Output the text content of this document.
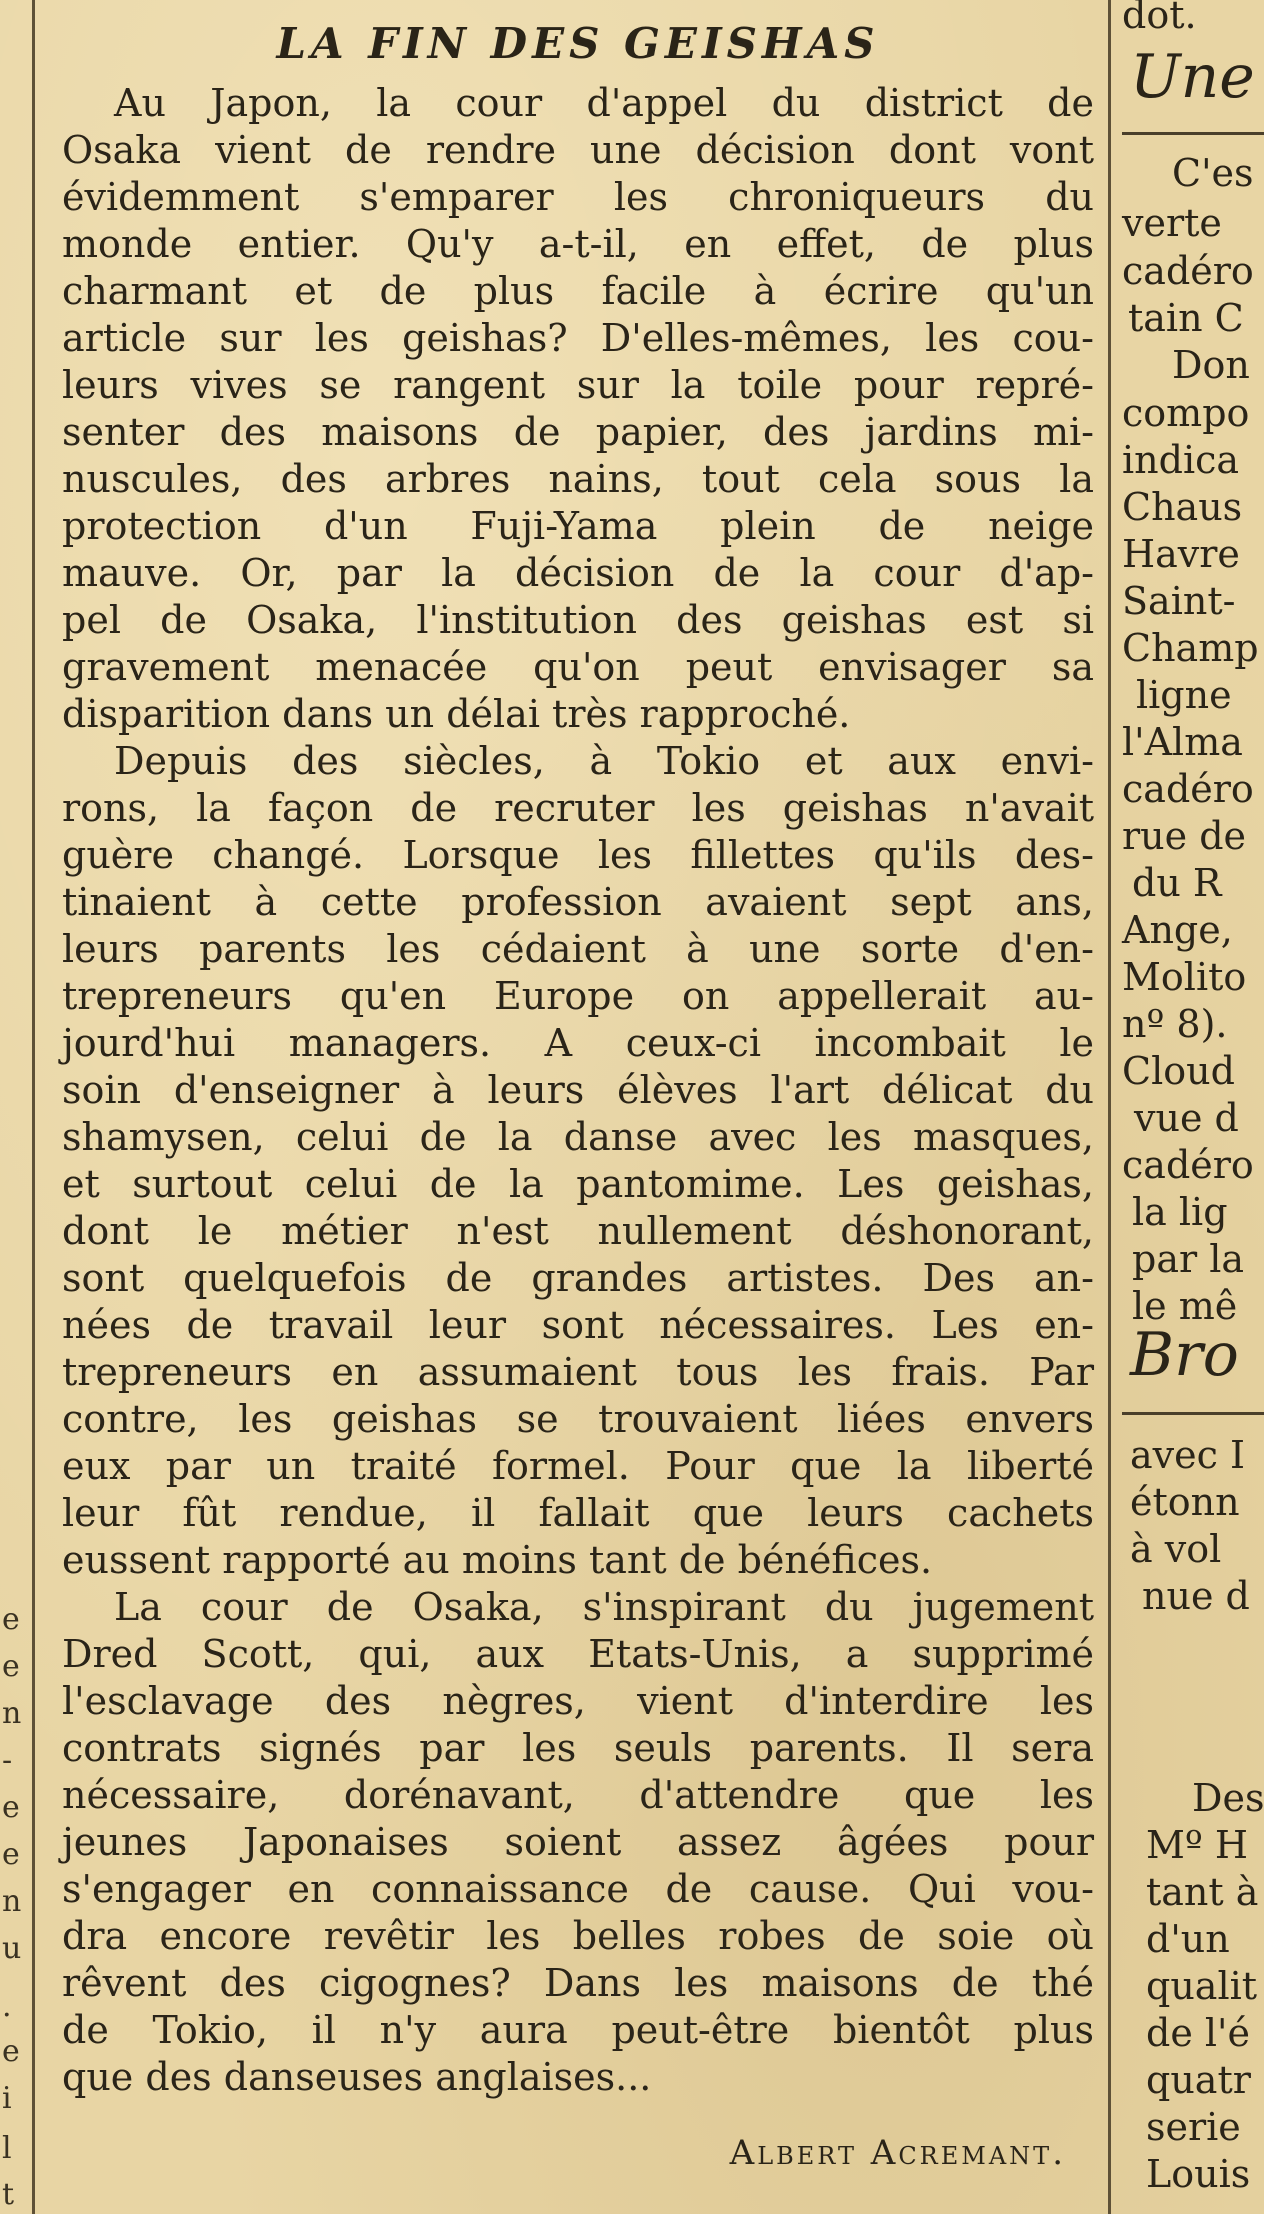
e
e
n
-
e
e
n
u
.
e
i
l
t
LA FIN DES GEISHAS

Au Japon, la cour d'appel du district de
Osaka vient de rendre une décision dont vont
évidemment s'emparer les chroniqueurs du
monde entier. Qu'y a-t-il, en effet, de plus
charmant et de plus facile à écrire qu'un
article sur les geishas? D'elles-mêmes, les cou-
leurs vives se rangent sur la toile pour repré-
senter des maisons de papier, des jardins mi-
nuscules, des arbres nains, tout cela sous la
protection d'un Fuji-Yama plein de neige
mauve. Or, par la décision de la cour d'ap-
pel de Osaka, l'institution des geishas est si
gravement menacée qu'on peut envisager sa
disparition dans un délai très rapproché.

Depuis des siècles, à Tokio et aux envi-
rons, la façon de recruter les geishas n'avait
guère changé. Lorsque les fillettes qu'ils des-
tinaient à cette profession avaient sept ans,
leurs parents les cédaient à une sorte d'en-
trepreneurs qu'en Europe on appellerait au-
jourd'hui managers. A ceux-ci incombait le
soin d'enseigner à leurs élèves l'art délicat du
shamysen, celui de la danse avec les masques,
et surtout celui de la pantomime. Les geishas,
dont le métier n'est nullement déshonorant,
sont quelquefois de grandes artistes. Des an-
nées de travail leur sont nécessaires. Les en-
trepreneurs en assumaient tous les frais. Par
contre, les geishas se trouvaient liées envers
eux par un traité formel. Pour que la liberté
leur fût rendue, il fallait que leurs cachets
eussent rapporté au moins tant de bénéfices.

La cour de Osaka, s'inspirant du jugement
Dred Scott, qui, aux Etats-Unis, a supprimé
l'esclavage des nègres, vient d'interdire les
contrats signés par les seuls parents. Il sera
nécessaire, dorénavant, d'attendre que les
jeunes Japonaises soient assez âgées pour
s'engager en connaissance de cause. Qui vou-
dra encore revêtir les belles robes de soie où
rêvent des cigognes? Dans les maisons de thé
de Tokio, il n'y aura peut-être bientôt plus
que des danseuses anglaises...

Albert Acremant.
dot.
Une
C'es
verte
cadéro
tain C
Don
compo
indica
Chaus
Havre
Saint-
Champ
ligne
l'Alma
cadéro
rue de
du R
Ange,
Molito
nº 8).
Cloud
vue d
cadéro
la lig
par la
le mê
Bro
avec I
étonn
à vol
nue d
Des
Mº H
tant à
d'un
qualit
de l'é
quatr
serie
Louis
